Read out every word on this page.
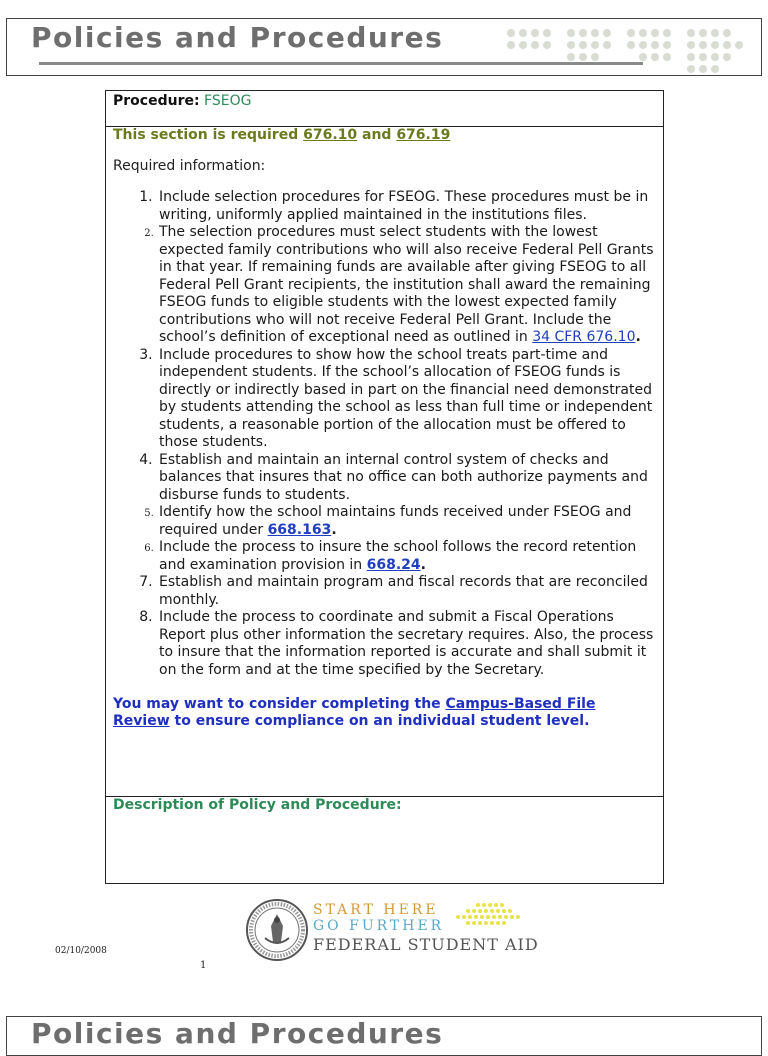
Policies and Procedures
Procedure: FSEOG
This section is required 676.10 and 676.19
Required information:
1. Include selection procedures for FSEOG. These procedures must be in writing, uniformly applied maintained in the institutions files.
2. The selection procedures must select students with the lowest expected family contributions who will also receive Federal Pell Grants in that year. If remaining funds are available after giving FSEOG to all Federal Pell Grant recipients, the institution shall award the remaining FSEOG funds to eligible students with the lowest expected family contributions who will not receive Federal Pell Grant. Include the school’s definition of exceptional need as outlined in 34 CFR 676.10.
3. Include procedures to show how the school treats part-time and independent students. If the school’s allocation of FSEOG funds is directly or indirectly based in part on the financial need demonstrated by students attending the school as less than full time or independent students, a reasonable portion of the allocation must be offered to those students.
4. Establish and maintain an internal control system of checks and balances that insures that no office can both authorize payments and disburse funds to students.
5. Identify how the school maintains funds received under FSEOG and required under 668.163.
6. Include the process to insure the school follows the record retention and examination provision in 668.24.
7. Establish and maintain program and fiscal records that are reconciled monthly.
8. Include the process to coordinate and submit a Fiscal Operations Report plus other information the secretary requires. Also, the process to insure that the information reported is accurate and shall submit it on the form and at the time specified by the Secretary.
You may want to consider completing the Campus-Based File Review to ensure compliance on an individual student level.
Description of Policy and Procedure:
START HERE
GO FURTHER
FEDERAL STUDENT AID
02/10/2008
1
Policies and Procedures
